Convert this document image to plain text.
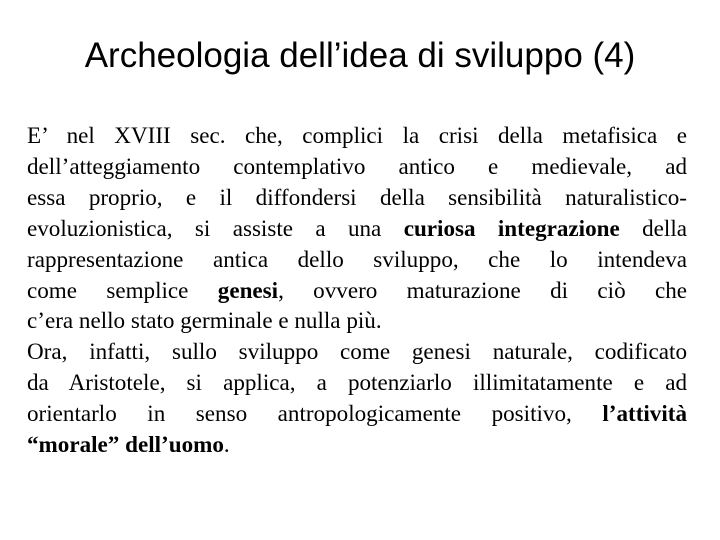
Archeologia dell’idea di sviluppo (4)

E’ nel XVIII sec. che, complici la crisi della metafisica e
dell’atteggiamento contemplativo antico e medievale, ad
essa proprio, e il diffondersi della sensibilità naturalistico-
evoluzionistica, si assiste a una curiosa integrazione della
rappresentazione antica dello sviluppo, che lo intendeva
come semplice genesi, ovvero maturazione di ciò che
c’era nello stato germinale e nulla più.

Ora, infatti, sullo sviluppo come genesi naturale, codificato
da Aristotele, si applica, a potenziarlo illimitatamente e ad
orientarlo in senso antropologicamente positivo, l’attività
“morale” dell’uomo.
